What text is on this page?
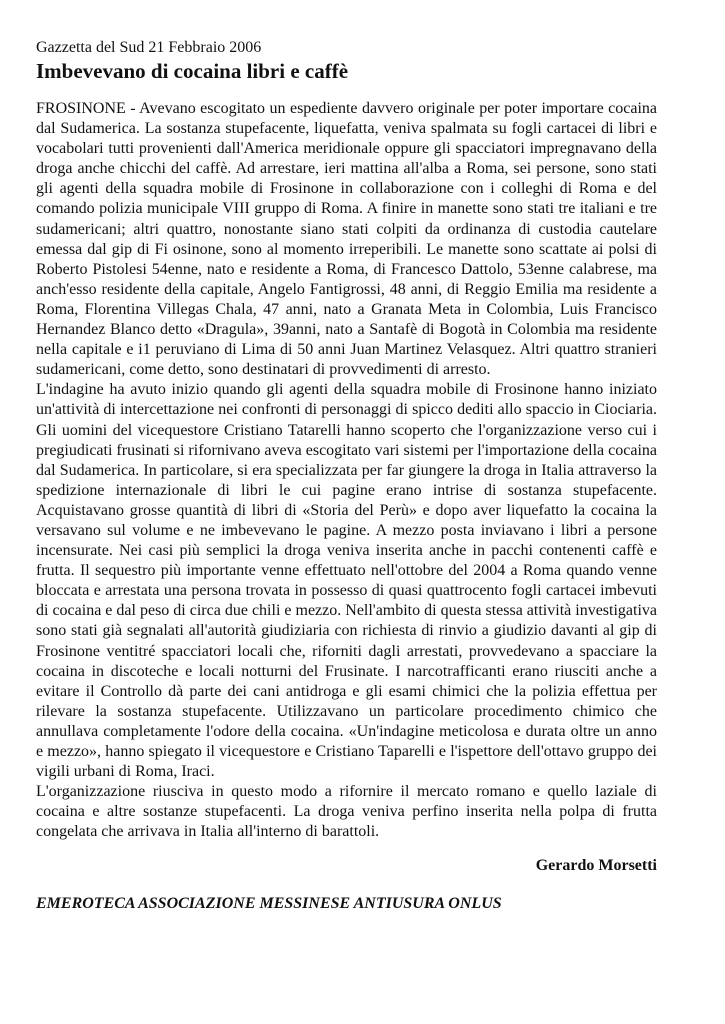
Gazzetta del Sud 21 Febbraio 2006

Imbevevano di cocaina libri e caffè

FROSINONE - Avevano escogitato un espediente davvero originale per poter importare cocaina dal Sudamerica. La sostanza stupefacente, liquefatta, veniva spalmata su fogli cartacei di libri e vocabolari tutti provenienti dall'America meridionale oppure gli spacciatori impregnavano della droga anche chicchi del caffè. Ad arrestare, ieri mattina all'alba a Roma, sei persone, sono stati gli agenti della squadra mobile di Frosinone in collaborazione con i colleghi di Roma e del comando polizia municipale VIII gruppo di Roma. A finire in manette sono stati tre italiani e tre sudamericani; altri quattro, nonostante siano stati colpiti da ordinanza di custodia cautelare emessa dal gip di Fi osinone, sono al momento irreperibili. Le manette sono scattate ai polsi di Roberto Pistolesi 54enne, nato e residente a Roma, di Francesco Dattolo, 53enne calabrese, ma anch'esso residente della capitale, Angelo Fantigrossi, 48 anni, di Reggio Emilia ma residente a Roma, Florentina Villegas Chala, 47 anni, nato a Granata Meta in Colombia, Luis Francisco Hernandez Blanco detto «Dragula», 39anni, nato a Santafè di Bogotà in Colombia ma residente nella capitale e i1 peruviano di Lima di 50 anni Juan Martinez Velasquez. Altri quattro stranieri sudamericani, come detto, sono destinatari di provvedimenti di arresto.

L'indagine ha avuto inizio quando gli agenti della squadra mobile di Frosinone hanno iniziato un'attività di intercettazione nei confronti di personaggi di spicco dediti allo spaccio in Ciociaria. Gli uomini del vicequestore Cristiano Tatarelli hanno scoperto che l'organizzazione verso cui i pregiudicati frusinati si rifornivano aveva escogitato vari sistemi per l'importazione della cocaina dal Sudamerica. In particolare, si era specializzata per far giungere la droga in Italia attraverso la spedizione internazionale di libri le cui pagine erano intrise di sostanza stupefacente. Acquistavano grosse quantità di libri di «Storia del Perù» e dopo aver liquefatto la cocaina la versavano sul volume e ne imbevevano le pagine. A mezzo posta inviavano i libri a persone incensurate. Nei casi più semplici la droga veniva inserita anche in pacchi contenenti caffè e frutta. Il sequestro più importante venne effettuato nell'ottobre del 2004 a Roma quando venne bloccata e arrestata una persona trovata in possesso di quasi quattrocento fogli cartacei imbevuti di cocaina e dal peso di circa due chili e mezzo. Nell'ambito di questa stessa attività investigativa sono stati già segnalati all'autorità giudiziaria con richiesta di rinvio a giudizio davanti al gip di Frosinone ventitré spacciatori locali che, riforniti dagli arrestati, provvedevano a spacciare la cocaina in discoteche e locali notturni del Frusinate. I narcotrafficanti erano riusciti anche a evitare il Controllo dà parte dei cani antidroga e gli esami chimici che la polizia effettua per rilevare la sostanza stupefacente. Utilizzavano un particolare procedimento chimico che annullava completamente l'odore della cocaina. «Un'indagine meticolosa e durata oltre un anno e mezzo», hanno spiegato il vicequestore e Cristiano Taparelli e l'ispettore dell'ottavo gruppo dei vigili urbani di Roma, Iraci.

L'organizzazione riusciva in questo modo a rifornire il mercato romano e quello laziale di cocaina e altre sostanze stupefacenti. La droga veniva perfino inserita nella polpa di frutta congelata che arrivava in Italia all'interno di barattoli.

Gerardo Morsetti

EMEROTECA ASSOCIAZIONE MESSINESE ANTIUSURA ONLUS
